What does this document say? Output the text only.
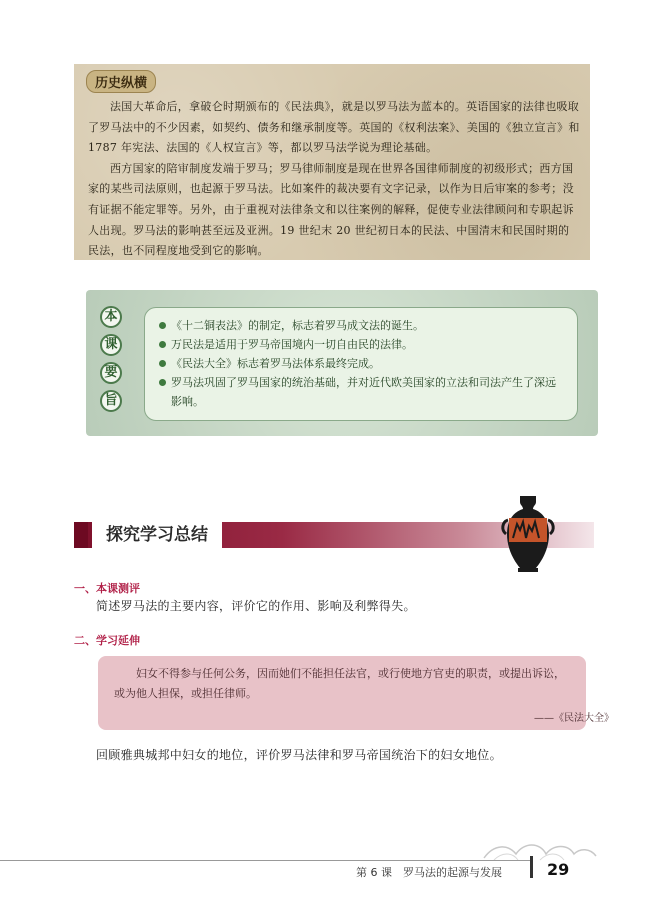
历史纵横

法国大革命后，拿破仑时期颁布的《民法典》，就是以罗马法为蓝本的。英语国家的法律也吸取了罗马法中的不少因素，如契约、债务和继承制度等。英国的《权利法案》、美国的《独立宣言》和 1787 年宪法、法国的《人权宣言》等，都以罗马法学说为理论基础。

西方国家的陪审制度发端于罗马；罗马律师制度是现在世界各国律师制度的初级形式；西方国家的某些司法原则，也起源于罗马法。比如案件的裁决要有文字记录，以作为日后审案的参考；没有证据不能定罪等。另外，由于重视对法律条文和以往案例的解释，促使专业法律顾问和专职起诉人出现。罗马法的影响甚至远及亚洲。19 世纪末 20 世纪初日本的民法、中国清末和民国时期的民法，也不同程度地受到它的影响。

本
课
要
旨
《十二铜表法》的制定，标志着罗马成文法的诞生。
万民法是适用于罗马帝国境内一切自由民的法律。
《民法大全》标志着罗马法体系最终完成。
罗马法巩固了罗马国家的统治基础，并对近代欧美国家的立法和司法产生了深远影响。
探究学习总结
一、本课测评
简述罗马法的主要内容，评价它的作用、影响及利弊得失。
二、学习延伸

妇女不得参与任何公务，因而她们不能担任法官，或行使地方官吏的职责，或提出诉讼，或为他人担保，或担任律师。

——《民法大全》
回顾雅典城邦中妇女的地位，评价罗马法律和罗马帝国统治下的妇女地位。
第 6 课　罗马法的起源与发展	29
